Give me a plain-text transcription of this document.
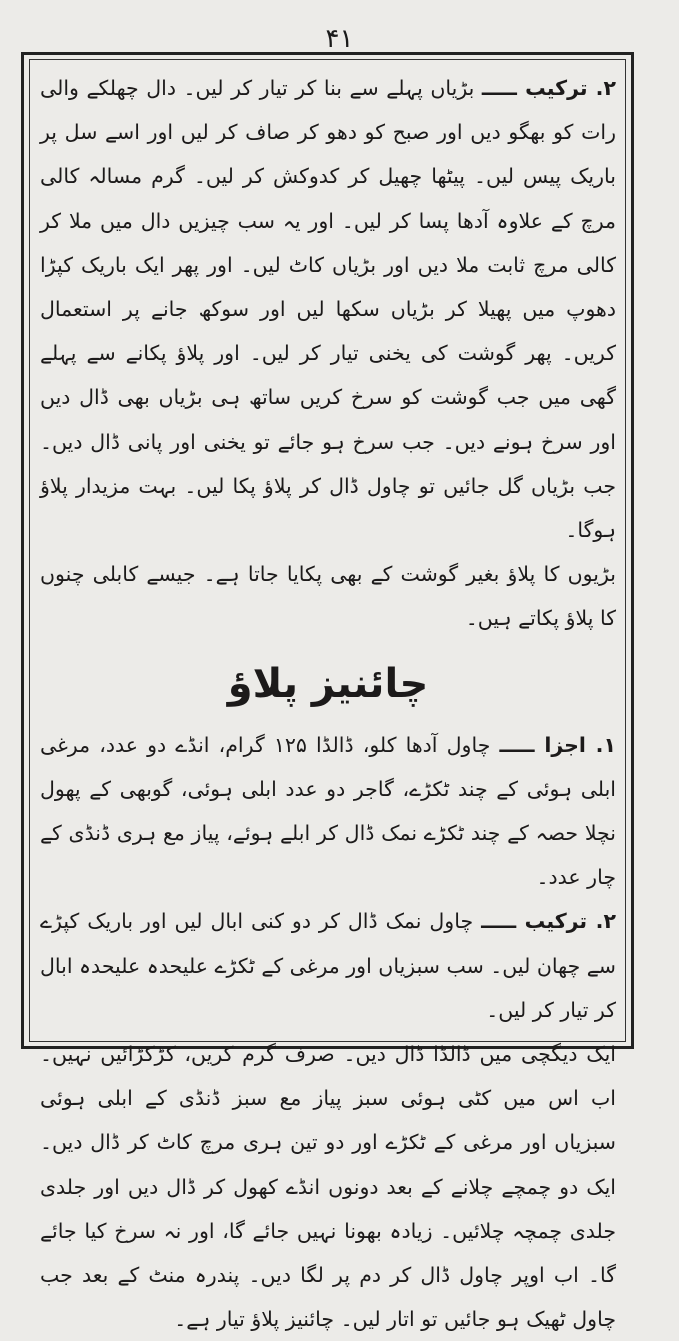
۴۱

۲. ترکیب ـــــ بڑیاں پہلے سے بنا کر تیار کر لیں۔ دال چھلکے والی رات کو بھگو دیں اور صبح کو دھو کر صاف کر لیں اور اسے سل پر باریک پیس لیں۔ پیٹھا چھیل کر کدوکش کر لیں۔ گرم مسالہ کالی مرچ کے علاوہ آدھا پسا کر لیں۔ اور یہ سب چیزیں دال میں ملا کر کالی مرچ ثابت ملا دیں اور بڑیاں کاٹ لیں۔ اور پھر ایک باریک کپڑا دھوپ میں پھیلا کر بڑیاں سکھا لیں اور سوکھ جانے پر استعمال کریں۔ پھر گوشت کی یخنی تیار کر لیں۔ اور پلاؤ پکانے سے پہلے گھی میں جب گوشت کو سرخ کریں ساتھ ہی بڑیاں بھی ڈال دیں اور سرخ ہونے دیں۔ جب سرخ ہو جائے تو یخنی اور پانی ڈال دیں۔ جب بڑیاں گل جائیں تو چاول ڈال کر پلاؤ پکا لیں۔ بہت مزیدار پلاؤ ہوگا۔

بڑیوں کا پلاؤ بغیر گوشت کے بھی پکایا جاتا ہے۔ جیسے کابلی چنوں کا پلاؤ پکاتے ہیں۔

چائنیز پلاؤ

۱. اجزا ـــــ چاول آدھا کلو، ڈالڈا ۱۲۵ گرام، انڈے دو عدد، مرغی ابلی ہوئی کے چند ٹکڑے، گاجر دو عدد ابلی ہوئی، گوبھی کے پھول نچلا حصہ کے چند ٹکڑے نمک ڈال کر ابلے ہوئے، پیاز مع ہری ڈنڈی کے چار عدد۔

۲. ترکیب ـــــ چاول نمک ڈال کر دو کنی ابال لیں اور باریک کپڑے سے چھان لیں۔ سب سبزیاں اور مرغی کے ٹکڑے علیحدہ علیحدہ ابال کر تیار کر لیں۔

ایک دیگچی میں ڈالڈا ڈال دیں۔ صرف گرم کریں، کڑکڑائیں نہیں۔ اب اس میں کٹی ہوئی سبز پیاز مع سبز ڈنڈی کے ابلی ہوئی سبزیاں اور مرغی کے ٹکڑے اور دو تین ہری مرچ کاٹ کر ڈال دیں۔ ایک دو چمچے چلانے کے بعد دونوں انڈے کھول کر ڈال دیں اور جلدی جلدی چمچہ چلائیں۔ زیادہ بھونا نہیں جائے گا، اور نہ سرخ کیا جائے گا۔ اب اوپر چاول ڈال کر دم پر لگا دیں۔ پندرہ منٹ کے بعد جب چاول ٹھیک ہو جائیں تو اتار لیں۔ چائنیز پلاؤ تیار ہے۔
